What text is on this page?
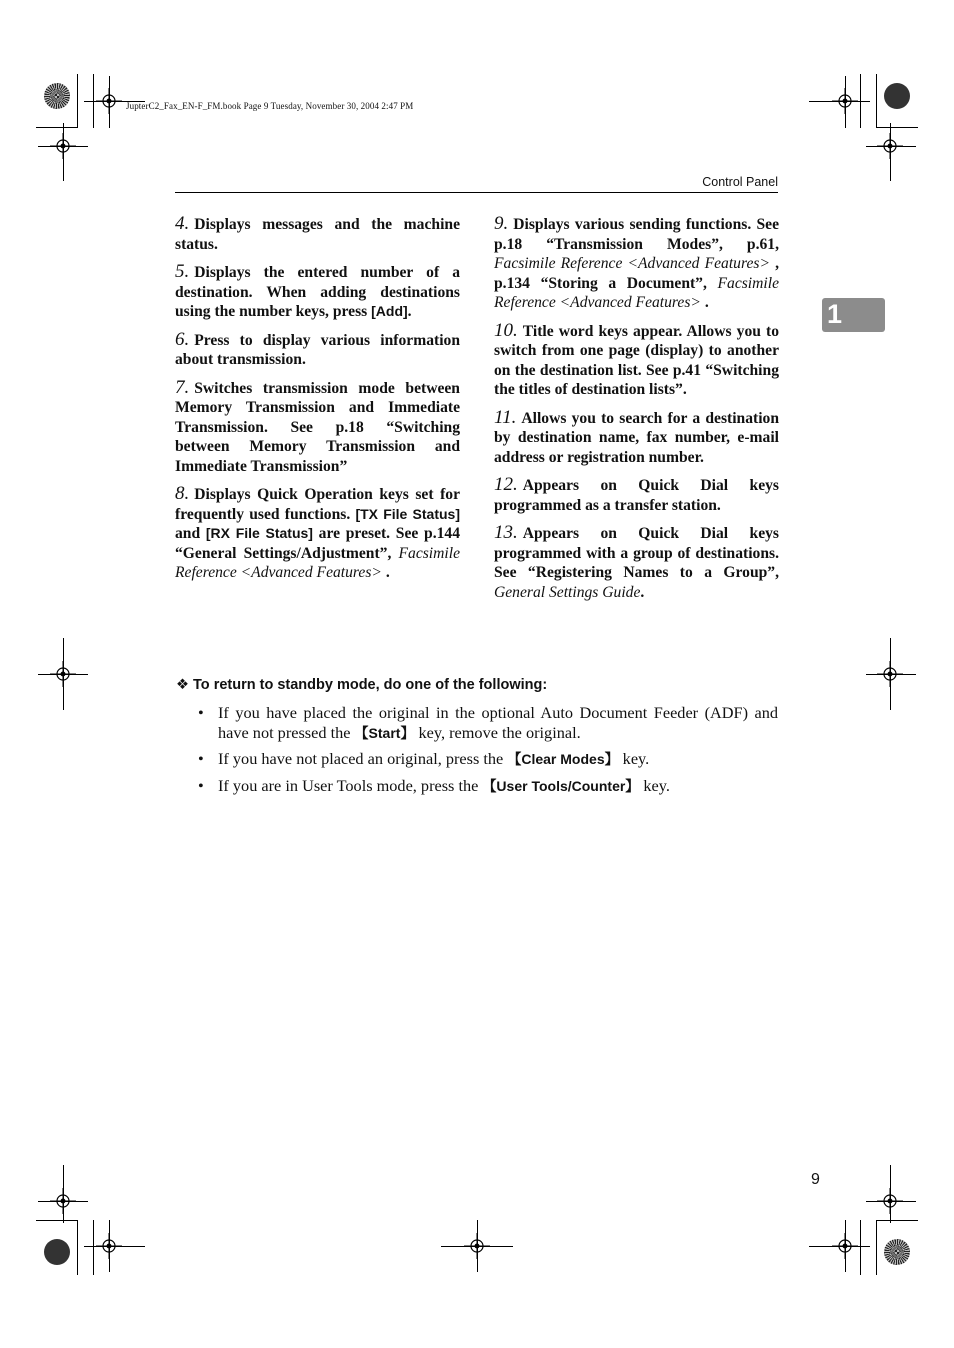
JupterC2_Fax_EN-F_FM.book Page 9 Tuesday, November 30, 2004 2:47 PM
Control Panel
1
4. Displays messages and the machine status.
5. Displays the entered number of a destination. When adding destinations using the number keys, press [Add].
6. Press to display various information about transmission.
7. Switches transmission mode between Memory Transmission and Immediate Transmission. See p.18 “Switching between Memory Transmission and Immediate Transmission”
8. Displays Quick Operation keys set for frequently used functions. [TX File Status] and [RX File Status] are preset. See p.144 “General Settings/Adjustment”, Facsimile Reference <Advanced Features> .
9. Displays various sending functions. See p.18 “Transmission Modes”, p.61, Facsimile Reference <Advanced Features> , p.134 “Storing a Document”, Facsimile Reference <Advanced Features> .
10. Title word keys appear. Allows you to switch from one page (display) to another on the destination list. See p.41 “Switching the titles of destination lists”.
11. Allows you to search for a destination by destination name, fax number, e-mail address or registration number.
12. Appears on Quick Dial keys programmed as a transfer station.
13. Appears on Quick Dial keys programmed with a group of destinations. See “Registering Names to a Group”, General Settings Guide.
❖ To return to standby mode, do one of the following:
• If you have placed the original in the optional Auto Document Feeder (ADF) and have not pressed the 【Start】 key, remove the original.
• If you have not placed an original, press the 【Clear Modes】 key.
• If you are in User Tools mode, press the 【User Tools/Counter】 key.
9
